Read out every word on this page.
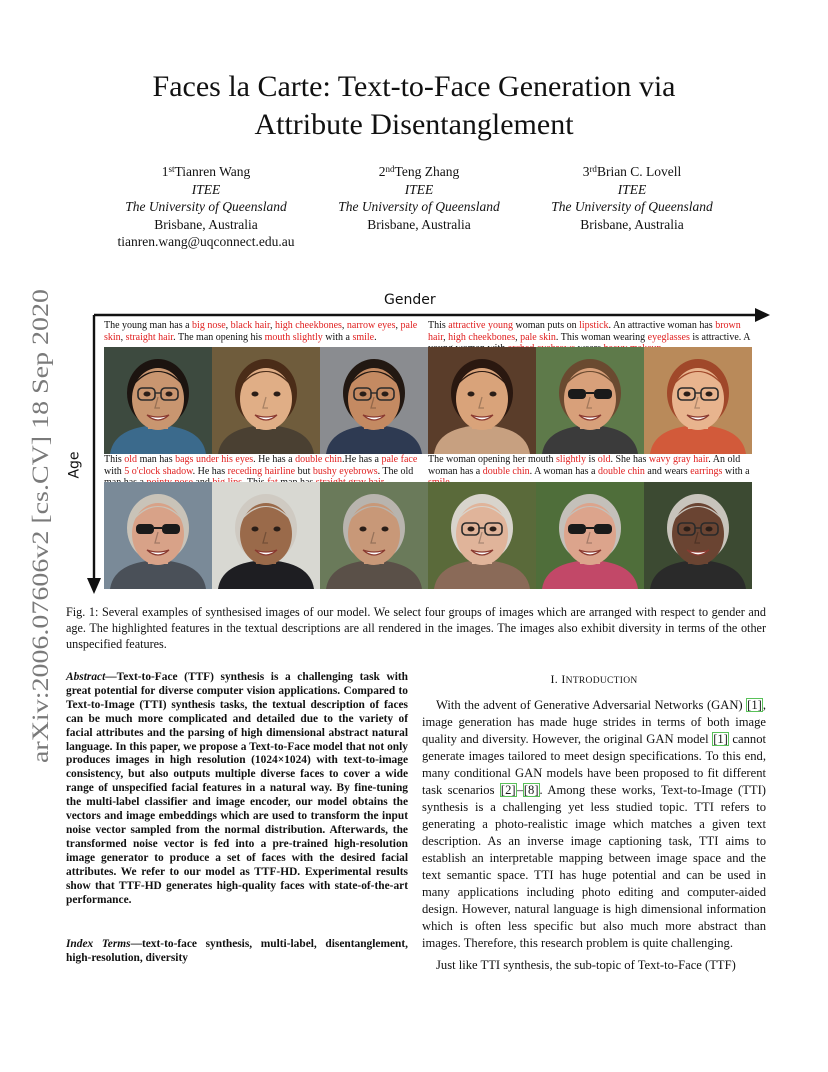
arXiv:2006.07606v2 [cs.CV] 18 Sep 2020
Faces la Carte: Text-to-Face Generation via
Attribute Disentanglement
1stTianren Wang
ITEE
The University of Queensland
Brisbane, Australia
tianren.wang@uqconnect.edu.au
2ndTeng Zhang
ITEE
The University of Queensland
Brisbane, Australia
3rdBrian C. Lovell
ITEE
The University of Queensland
Brisbane, Australia
Gender
Age
The young man has a big nose, black hair, high cheekbones, narrow eyes, pale skin, straight hair. The man opening his mouth slightly with a smile.
This attractive young woman puts on lipstick. An attractive woman has brown hair, high cheekbones, pale skin. This woman wearing eyeglasses is attractive. A
This old man has bags under his eyes. He has a double chin.He has a pale face with 5 o'clock shadow. He has receding hairline but bushy eyebrows. The old
The woman opening her mouth slightly is old. She has wavy gray hair. An old woman has a double chin. A woman has a double chin and wears earrings with a
Fig. 1: Several examples of synthesised images of our model. We select four groups of images which are arranged with respect to gender and age. The highlighted features in the textual descriptions are all rendered in the images. The images also exhibit diversity in terms of the other unspecified features.
Abstract—Text-to-Face (TTF) synthesis is a challenging task with great potential for diverse computer vision applications. Compared to Text-to-Image (TTI) synthesis tasks, the textual description of faces can be much more complicated and detailed due to the variety of facial attributes and the parsing of high dimensional abstract natural language. In this paper, we propose a Text-to-Face model that not only produces images in high resolution (1024×1024) with text-to-image consistency, but also outputs multiple diverse faces to cover a wide range of unspecified facial features in a natural way. By fine-tuning the multi-label classifier and image encoder, our model obtains the vectors and image embeddings which are used to transform the input noise vector sampled from the normal distribution. Afterwards, the transformed noise vector is fed into a pre-trained high-resolution image generator to produce a set of faces with the desired facial attributes. We refer to our model as TTF-HD. Experimental results show that TTF-HD generates high-quality faces with state-of-the-art performance.
Index Terms—text-to-face synthesis, multi-label, disentanglement, high-resolution, diversity
I. INTRODUCTION
With the advent of Generative Adversarial Networks (GAN) [1], image generation has made huge strides in terms of both image quality and diversity. However, the original GAN model [1] cannot generate images tailored to meet design specifications. To this end, many conditional GAN models have been proposed to fit different task scenarios [2]–[8]. Among these works, Text-to-Image (TTI) synthesis is a challenging yet less studied topic. TTI refers to generating a photo-realistic image which matches a given text description. As an inverse image captioning task, TTI aims to establish an interpretable mapping between image space and the text semantic space. TTI has huge potential and can be used in many applications including photo editing and computer-aided design. However, natural language is high dimensional information which is often less specific but also much more abstract than images. Therefore, this research problem is quite challenging.
Just like TTI synthesis, the sub-topic of Text-to-Face (TTF)
